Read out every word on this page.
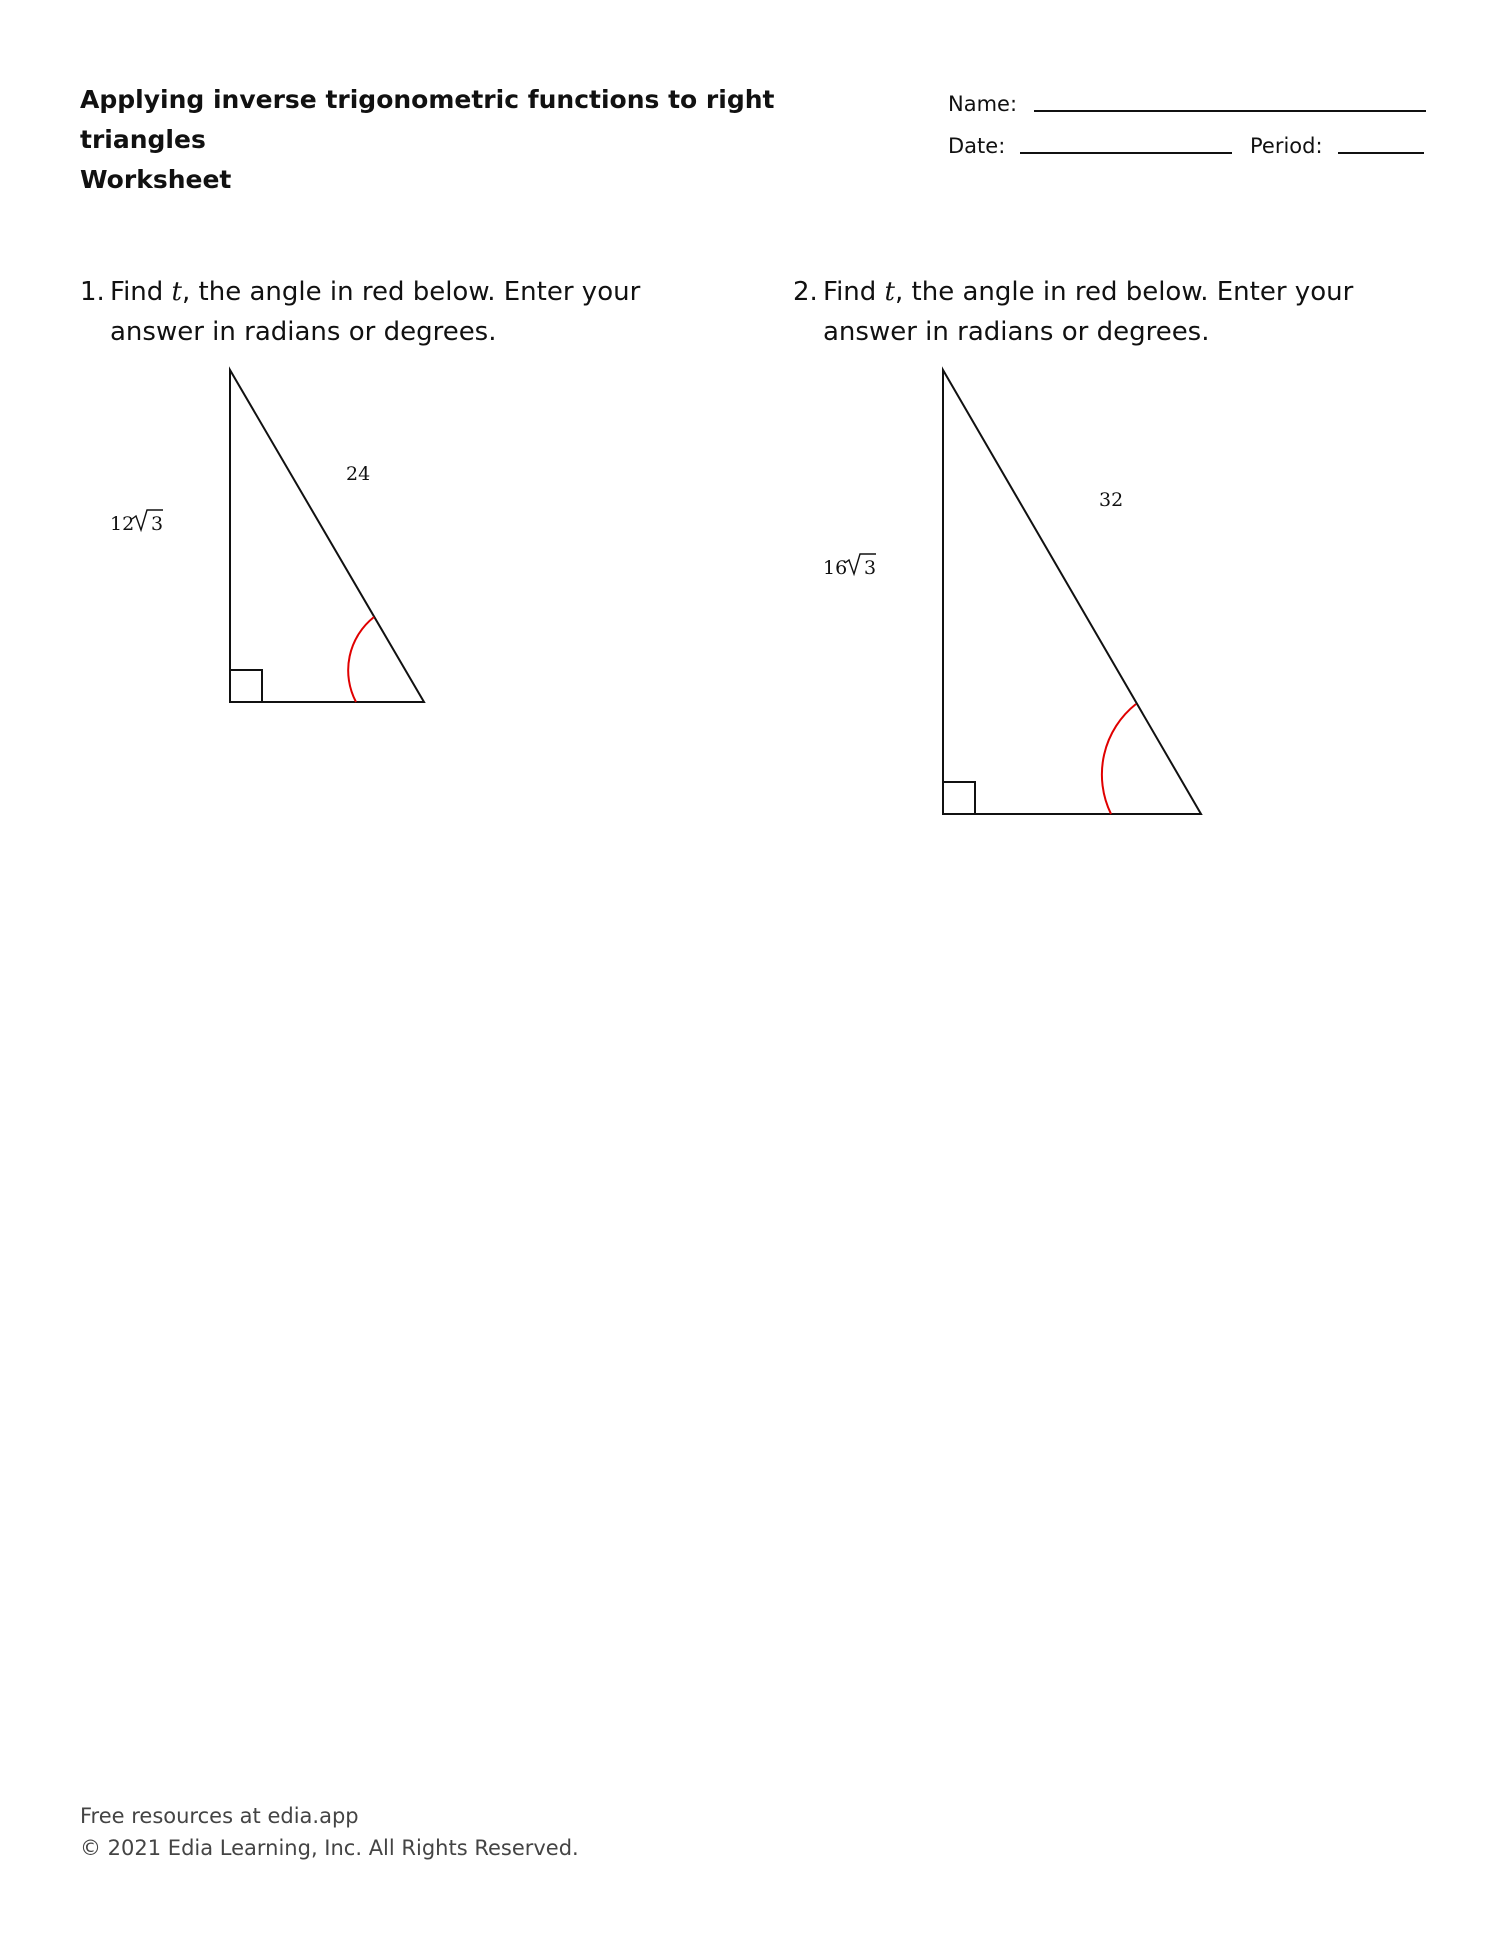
Applying inverse trigonometric functions to right triangles
Worksheet
Name:
Date:	Period:
1. Find t, the angle in red below. Enter your answer in radians or degrees.
2. Find t, the angle in red below. Enter your answer in radians or degrees.
24
12 3
32
16 3
Free resources at edia.app
© 2021 Edia Learning, Inc. All Rights Reserved.
